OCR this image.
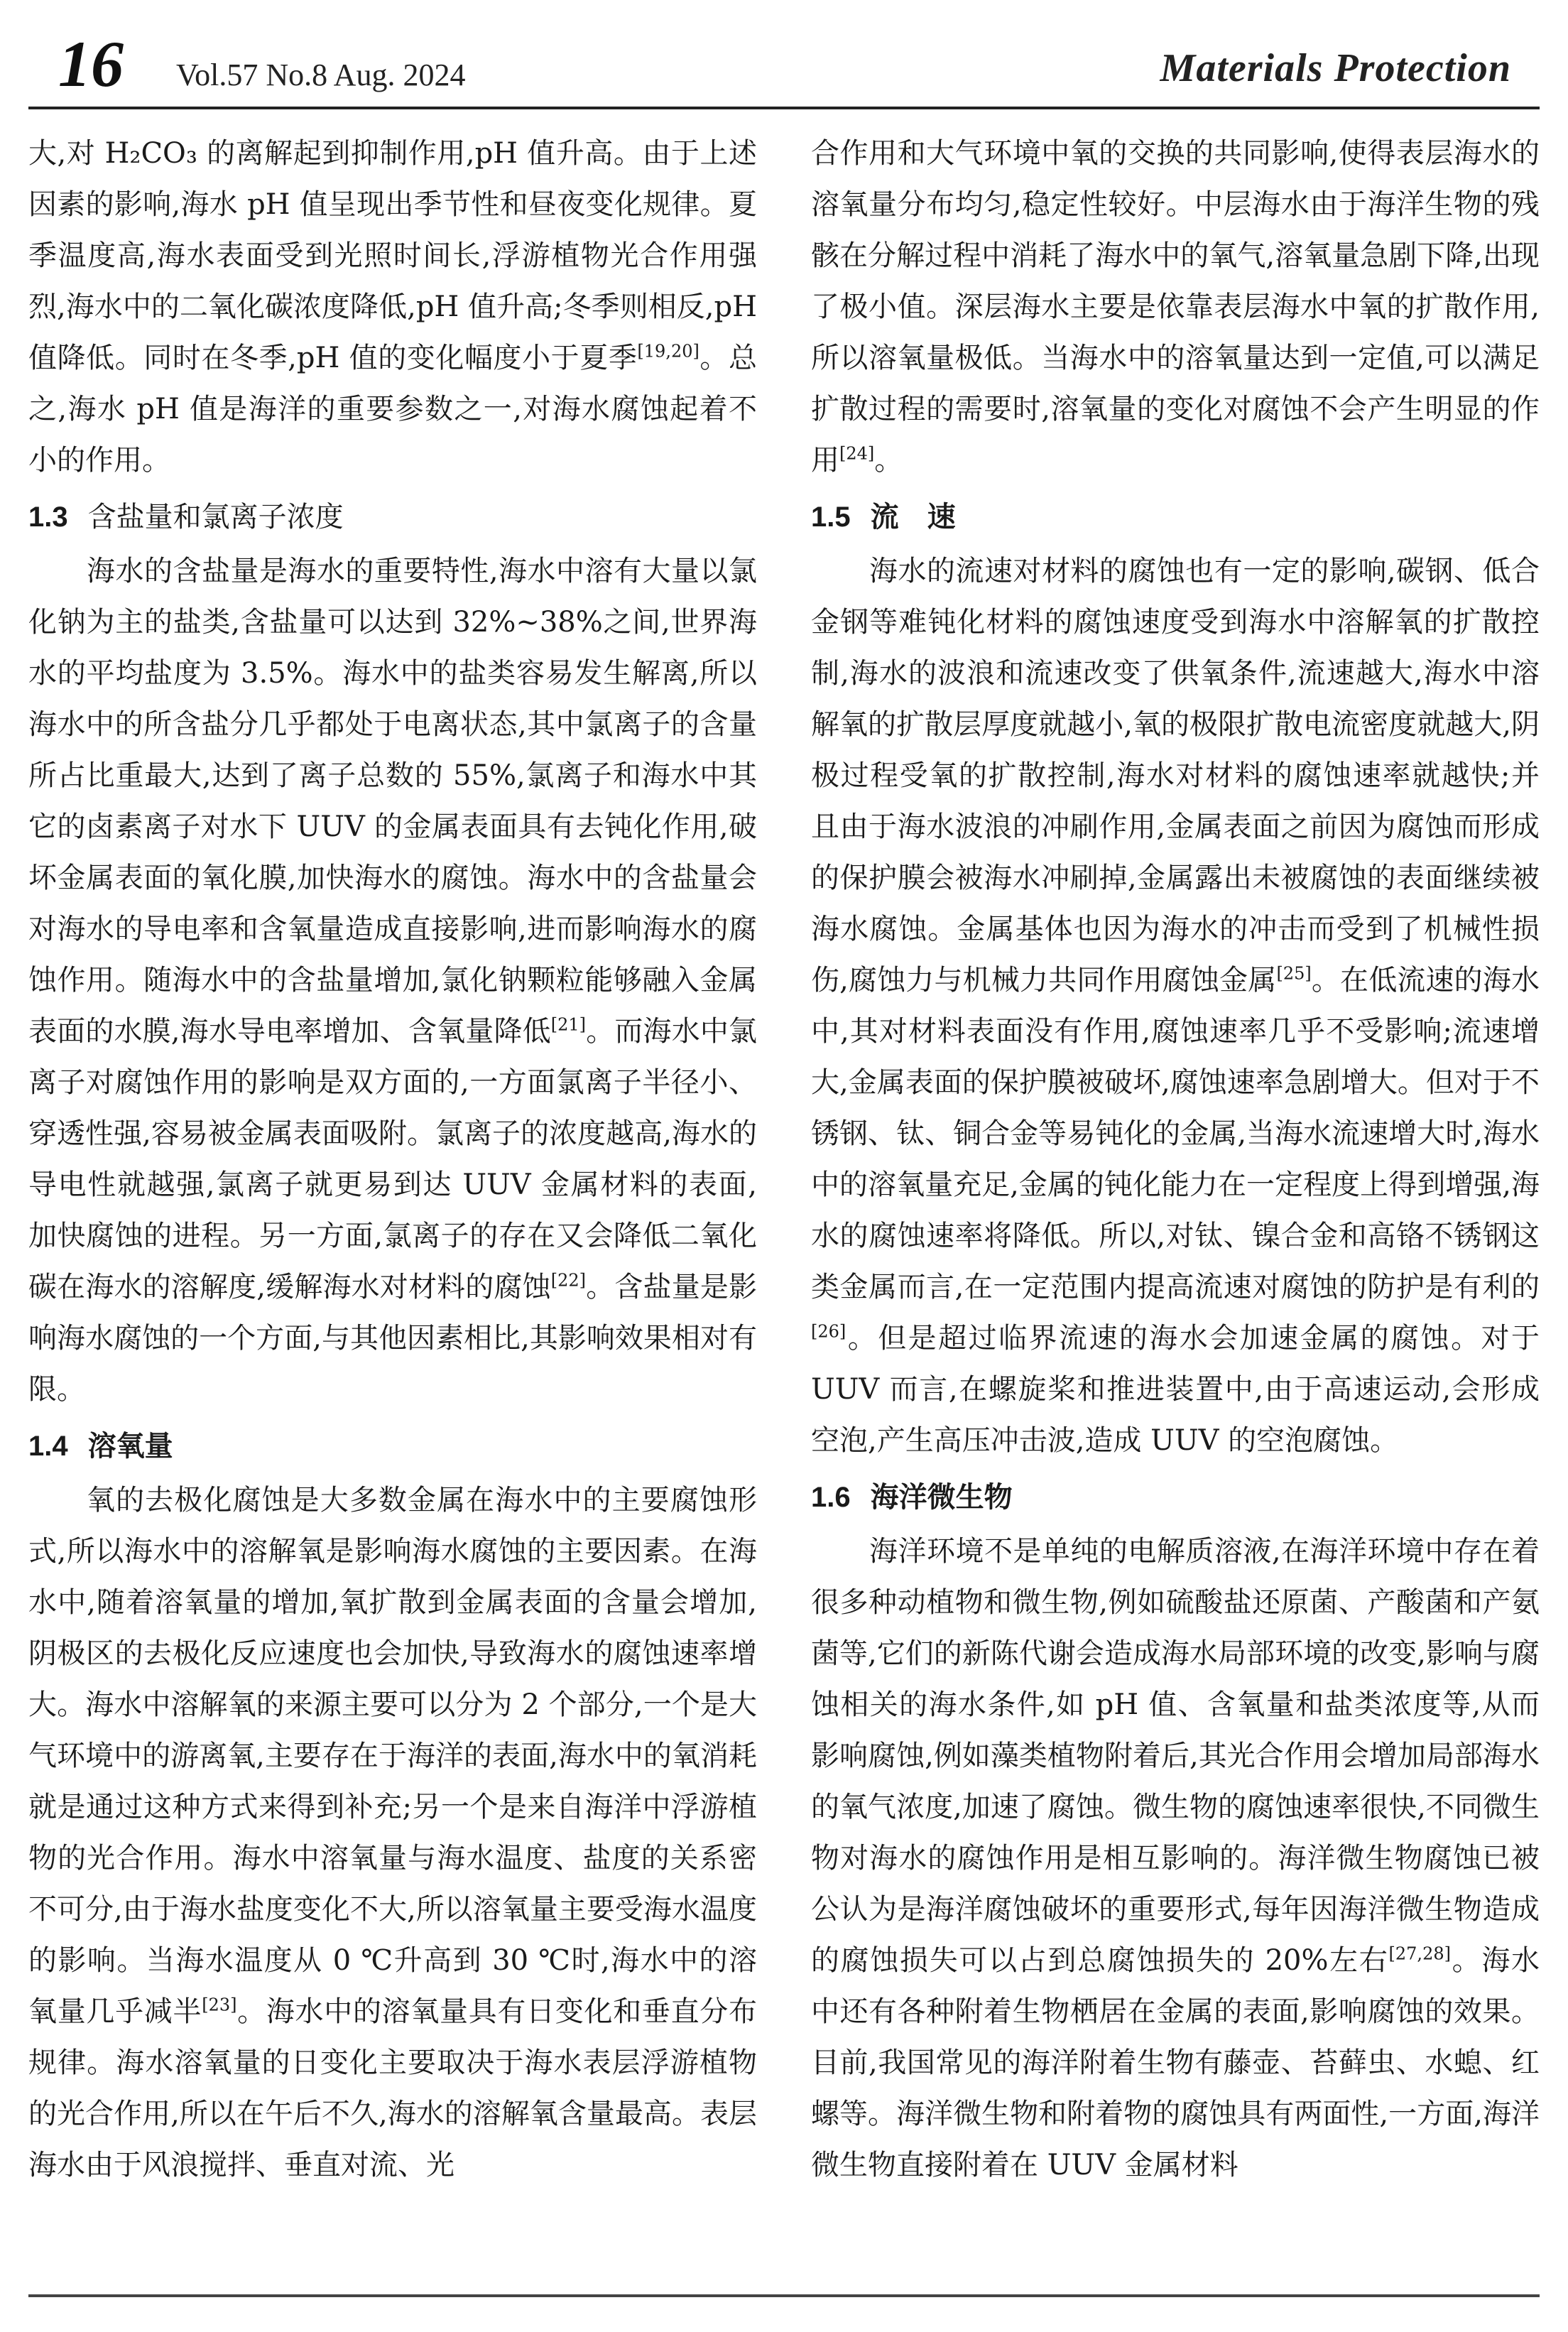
16 Vol.57 No.8 Aug. 2024	Materials Protection

大,对 H₂CO₃ 的离解起到抑制作用,pH 值升高。由于上述因素的影响,海水 pH 值呈现出季节性和昼夜变化规律。夏季温度高,海水表面受到光照时间长,浮游植物光合作用强烈,海水中的二氧化碳浓度降低,pH 值升高;冬季则相反,pH 值降低。同时在冬季,pH 值的变化幅度小于夏季[19,20]。总之,海水 pH 值是海洋的重要参数之一,对海水腐蚀起着不小的作用。

1.3 含盐量和氯离子浓度

海水的含盐量是海水的重要特性,海水中溶有大量以氯化钠为主的盐类,含盐量可以达到 32%~38%之间,世界海水的平均盐度为 3.5%。海水中的盐类容易发生解离,所以海水中的所含盐分几乎都处于电离状态,其中氯离子的含量所占比重最大,达到了离子总数的 55%,氯离子和海水中其它的卤素离子对水下 UUV 的金属表面具有去钝化作用,破坏金属表面的氧化膜,加快海水的腐蚀。海水中的含盐量会对海水的导电率和含氧量造成直接影响,进而影响海水的腐蚀作用。随海水中的含盐量增加,氯化钠颗粒能够融入金属表面的水膜,海水导电率增加、含氧量降低[21]。而海水中氯离子对腐蚀作用的影响是双方面的,一方面氯离子半径小、穿透性强,容易被金属表面吸附。氯离子的浓度越高,海水的导电性就越强,氯离子就更易到达 UUV 金属材料的表面,加快腐蚀的进程。另一方面,氯离子的存在又会降低二氧化碳在海水的溶解度,缓解海水对材料的腐蚀[22]。含盐量是影响海水腐蚀的一个方面,与其他因素相比,其影响效果相对有限。

1.4 溶氧量

氧的去极化腐蚀是大多数金属在海水中的主要腐蚀形式,所以海水中的溶解氧是影响海水腐蚀的主要因素。在海水中,随着溶氧量的增加,氧扩散到金属表面的含量会增加,阴极区的去极化反应速度也会加快,导致海水的腐蚀速率增大。海水中溶解氧的来源主要可以分为 2 个部分,一个是大气环境中的游离氧,主要存在于海洋的表面,海水中的氧消耗就是通过这种方式来得到补充;另一个是来自海洋中浮游植物的光合作用。海水中溶氧量与海水温度、盐度的关系密不可分,由于海水盐度变化不大,所以溶氧量主要受海水温度的影响。当海水温度从 0 ℃升高到 30 ℃时,海水中的溶氧量几乎减半[23]。海水中的溶氧量具有日变化和垂直分布规律。海水溶氧量的日变化主要取决于海水表层浮游植物的光合作用,所以在午后不久,海水的溶解氧含量最高。表层海水由于风浪搅拌、垂直对流、光

合作用和大气环境中氧的交换的共同影响,使得表层海水的溶氧量分布均匀,稳定性较好。中层海水由于海洋生物的残骸在分解过程中消耗了海水中的氧气,溶氧量急剧下降,出现了极小值。深层海水主要是依靠表层海水中氧的扩散作用,所以溶氧量极低。当海水中的溶氧量达到一定值,可以满足扩散过程的需要时,溶氧量的变化对腐蚀不会产生明显的作用[24]。

1.5 流　速

海水的流速对材料的腐蚀也有一定的影响,碳钢、低合金钢等难钝化材料的腐蚀速度受到海水中溶解氧的扩散控制,海水的波浪和流速改变了供氧条件,流速越大,海水中溶解氧的扩散层厚度就越小,氧的极限扩散电流密度就越大,阴极过程受氧的扩散控制,海水对材料的腐蚀速率就越快;并且由于海水波浪的冲刷作用,金属表面之前因为腐蚀而形成的保护膜会被海水冲刷掉,金属露出未被腐蚀的表面继续被海水腐蚀。金属基体也因为海水的冲击而受到了机械性损伤,腐蚀力与机械力共同作用腐蚀金属[25]。在低流速的海水中,其对材料表面没有作用,腐蚀速率几乎不受影响;流速增大,金属表面的保护膜被破坏,腐蚀速率急剧增大。但对于不锈钢、钛、铜合金等易钝化的金属,当海水流速增大时,海水中的溶氧量充足,金属的钝化能力在一定程度上得到增强,海水的腐蚀速率将降低。所以,对钛、镍合金和高铬不锈钢这类金属而言,在一定范围内提高流速对腐蚀的防护是有利的[26]。但是超过临界流速的海水会加速金属的腐蚀。对于 UUV 而言,在螺旋桨和推进装置中,由于高速运动,会形成空泡,产生高压冲击波,造成 UUV 的空泡腐蚀。

1.6 海洋微生物

海洋环境不是单纯的电解质溶液,在海洋环境中存在着很多种动植物和微生物,例如硫酸盐还原菌、产酸菌和产氨菌等,它们的新陈代谢会造成海水局部环境的改变,影响与腐蚀相关的海水条件,如 pH 值、含氧量和盐类浓度等,从而影响腐蚀,例如藻类植物附着后,其光合作用会增加局部海水的氧气浓度,加速了腐蚀。微生物的腐蚀速率很快,不同微生物对海水的腐蚀作用是相互影响的。海洋微生物腐蚀已被公认为是海洋腐蚀破坏的重要形式,每年因海洋微生物造成的腐蚀损失可以占到总腐蚀损失的 20%左右[27,28]。海水中还有各种附着生物栖居在金属的表面,影响腐蚀的效果。目前,我国常见的海洋附着生物有藤壶、苔藓虫、水螅、红螺等。海洋微生物和附着物的腐蚀具有两面性,一方面,海洋微生物直接附着在 UUV 金属材料
